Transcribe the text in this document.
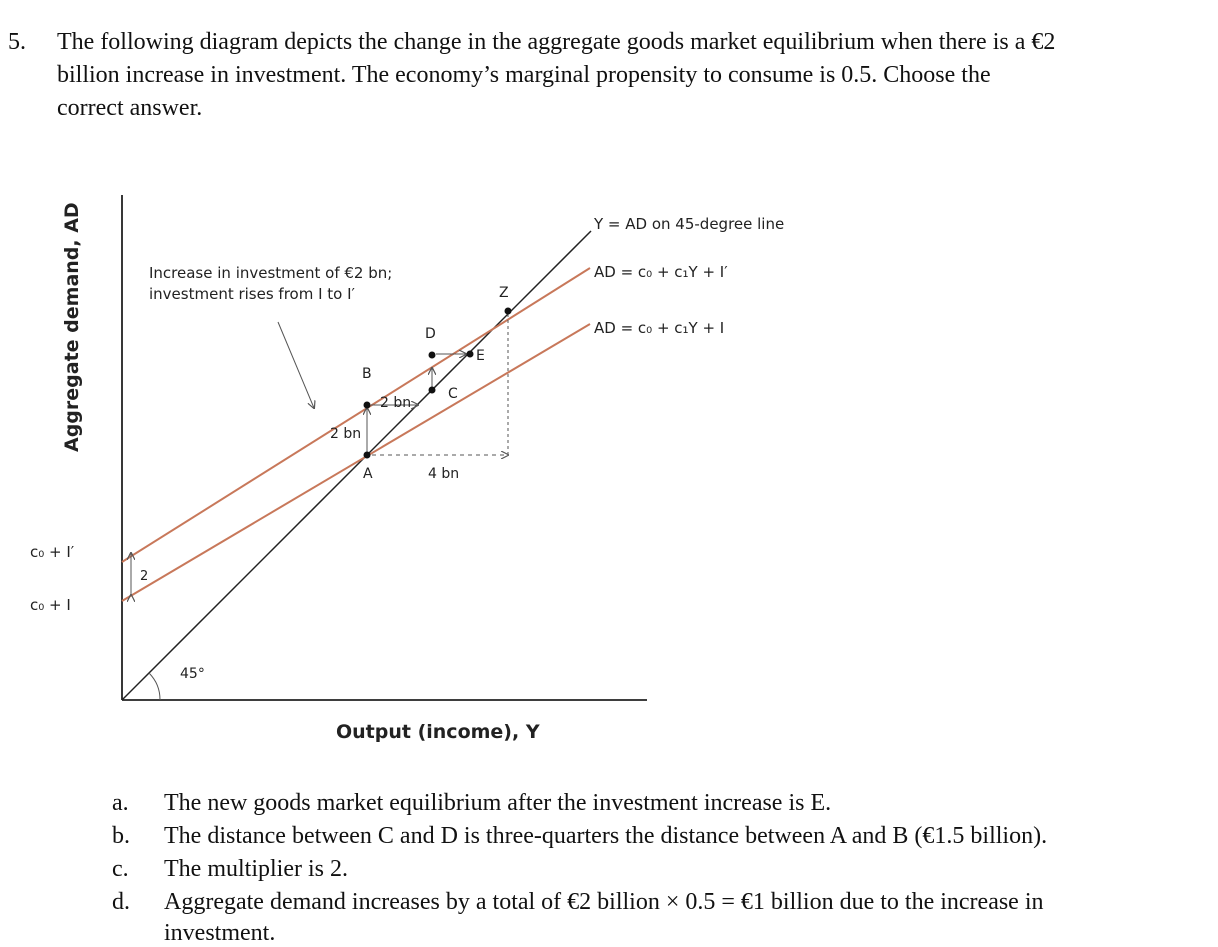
5. The following diagram depicts the change in the aggregate goods market equilibrium when there is a €2
billion increase in investment. The economy’s marginal propensity to consume is 0.5. Choose the
correct answer.
45°
Aggregate demand, AD
Output (income), Y
c₀ + I′
c₀ + I
2
Increase in investment of €2 bn;
investment rises from I to I′
Y = AD on 45-degree line
AD = c₀ + c₁Y + I′
AD = c₀ + c₁Y + I
A
B
C
D
E
Z
2 bn
2 bn
4 bn
a. The new goods market equilibrium after the investment increase is E.
b. The distance between C and D is three-quarters the distance between A and B (€1.5 billion).
c. The multiplier is 2.
d. Aggregate demand increases by a total of €2 billion × 0.5 = €1 billion due to the increase in
investment.
